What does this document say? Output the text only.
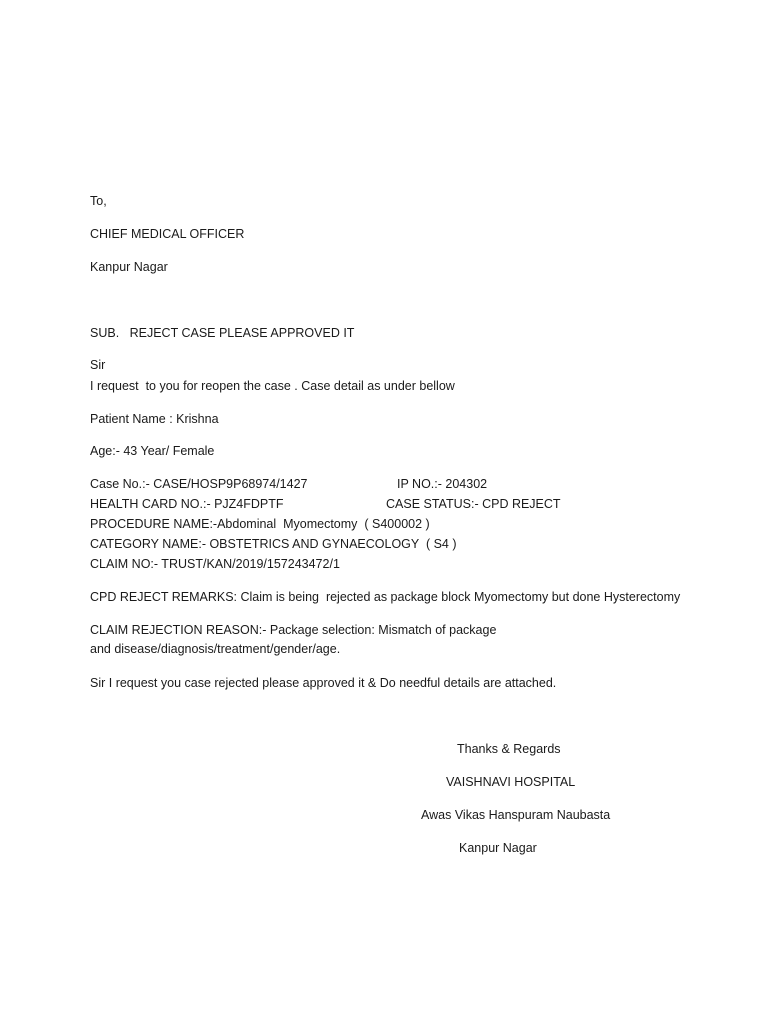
To,
CHIEF MEDICAL OFFICER
Kanpur Nagar
SUB.   REJECT CASE PLEASE APPROVED IT
Sir
I request  to you for reopen the case . Case detail as under bellow
Patient Name : Krishna
Age:- 43 Year/ Female
Case No.:- CASE/HOSP9P68974/1427	IP NO.:- 204302
HEALTH CARD NO.:- PJZ4FDPTF	CASE STATUS:- CPD REJECT
PROCEDURE NAME:-Abdominal  Myomectomy  ( S400002 )
CATEGORY NAME:- OBSTETRICS AND GYNAECOLOGY  ( S4 )
CLAIM NO:- TRUST/KAN/2019/157243472/1
CPD REJECT REMARKS: Claim is being  rejected as package block Myomectomy but done Hysterectomy
CLAIM REJECTION REASON:- Package selection: Mismatch of package and disease/diagnosis/treatment/gender/age.
Sir I request you case rejected please approved it & Do needful details are attached.
Thanks & Regards
VAISHNAVI HOSPITAL
Awas Vikas Hanspuram Naubasta
Kanpur Nagar
